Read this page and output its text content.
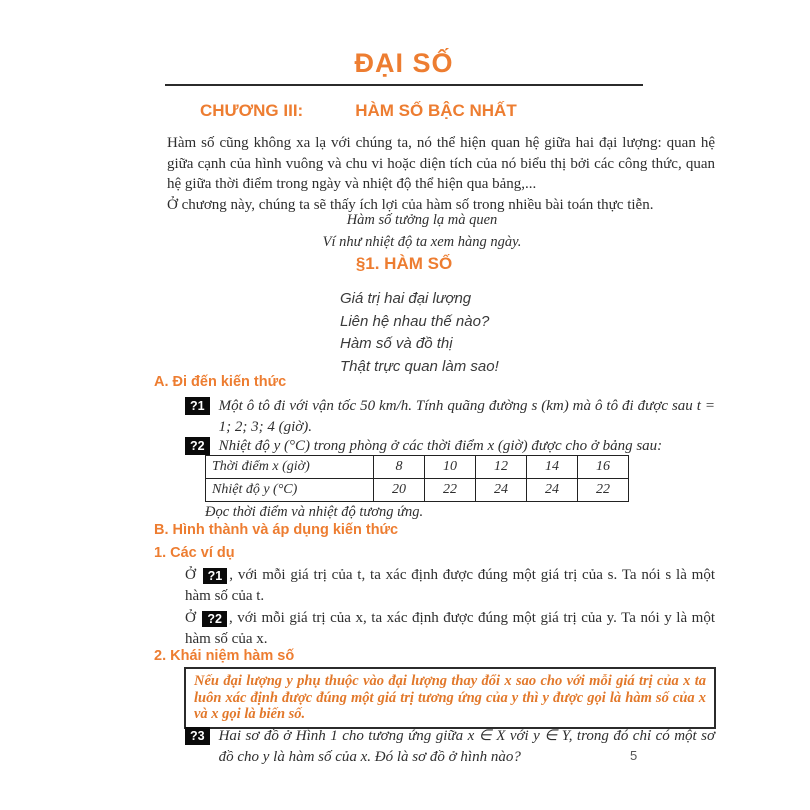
ĐẠI SỐ
CHƯƠNG III:	HÀM SỐ BẬC NHẤT

Hàm số cũng không xa lạ với chúng ta, nó thể hiện quan hệ giữa hai đại lượng: quan hệ giữa cạnh của hình vuông và chu vi hoặc diện tích của nó biểu thị bởi các công thức, quan hệ giữa thời điểm trong ngày và nhiệt độ thể hiện qua bảng,...

Ở chương này, chúng ta sẽ thấy ích lợi của hàm số trong nhiều bài toán thực tiễn.

Hàm số tưởng lạ mà quen
Ví như nhiệt độ ta xem hàng ngày.
§1. HÀM SỐ
Giá trị hai đại lượng
Liên hệ nhau thế nào?
Hàm số và đồ thị
Thật trực quan làm sao!
A. Đi đến kiến thức
?1 Một ô tô đi với vận tốc 50 km/h. Tính quãng đường s (km) mà ô tô đi được sau t = 1; 2; 3; 4 (giờ).
?2 Nhiệt độ y (°C) trong phòng ở các thời điểm x (giờ) được cho ở bảng sau:
Thời điểm x (giờ)	8	10	12	14	16
Nhiệt độ y (°C)	20	22	24	24	22
Đọc thời điểm và nhiệt độ tương ứng.
B. Hình thành và áp dụng kiến thức
1. Các ví dụ

Ở ?1 , với mỗi giá trị của t, ta xác định được đúng một giá trị của s. Ta nói s là một hàm số của t.

Ở ?2 , với mỗi giá trị của x, ta xác định được đúng một giá trị của y. Ta nói y là một hàm số của x.

2. Khái niệm hàm số
Nếu đại lượng y phụ thuộc vào đại lượng thay đổi x sao cho với mỗi giá trị của x ta luôn xác định được đúng một giá trị tương ứng của y thì y được gọi là hàm số của x và x gọi là biến số.
?3 Hai sơ đồ ở Hình 1 cho tương ứng giữa x ∈ X với y ∈ Y, trong đó chỉ có một sơ đồ cho y là hàm số của x. Đó là sơ đồ ở hình nào?	5
